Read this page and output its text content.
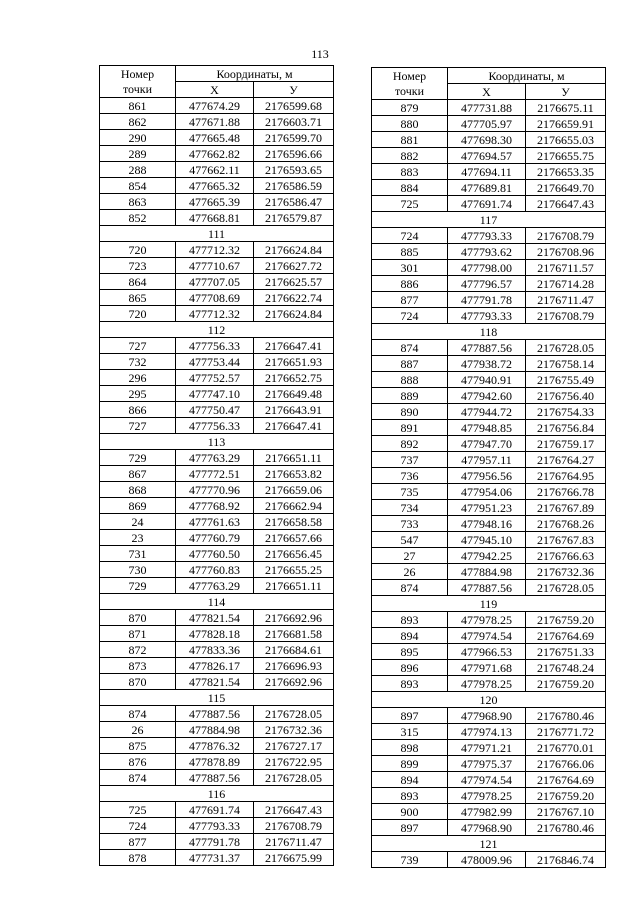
113
Номер
точки	Координаты, м	
	X	У
861	477674.29	2176599.68
862	477671.88	2176603.71
290	477665.48	2176599.70
289	477662.82	2176596.66
288	477662.11	2176593.65
854	477665.32	2176586.59
863	477665.39	2176586.47
852	477668.81	2176579.87
111		
720	477712.32	2176624.84
723	477710.67	2176627.72
864	477707.05	2176625.57
865	477708.69	2176622.74
720	477712.32	2176624.84
112		
727	477756.33	2176647.41
732	477753.44	2176651.93
296	477752.57	2176652.75
295	477747.10	2176649.48
866	477750.47	2176643.91
727	477756.33	2176647.41
113		
729	477763.29	2176651.11
867	477772.51	2176653.82
868	477770.96	2176659.06
869	477768.92	2176662.94
24	477761.63	2176658.58
23	477760.79	2176657.66
731	477760.50	2176656.45
730	477760.83	2176655.25
729	477763.29	2176651.11
114		
870	477821.54	2176692.96
871	477828.18	2176681.58
872	477833.36	2176684.61
873	477826.17	2176696.93
870	477821.54	2176692.96
115		
874	477887.56	2176728.05
26	477884.98	2176732.36
875	477876.32	2176727.17
876	477878.89	2176722.95
874	477887.56	2176728.05
116		
725	477691.74	2176647.43
724	477793.33	2176708.79
877	477791.78	2176711.47
878	477731.37	2176675.99
Номер
точки	Координаты, м	
	X	У
879	477731.88	2176675.11
880	477705.97	2176659.91
881	477698.30	2176655.03
882	477694.57	2176655.75
883	477694.11	2176653.35
884	477689.81	2176649.70
725	477691.74	2176647.43
117		
724	477793.33	2176708.79
885	477793.62	2176708.96
301	477798.00	2176711.57
886	477796.57	2176714.28
877	477791.78	2176711.47
724	477793.33	2176708.79
118		
874	477887.56	2176728.05
887	477938.72	2176758.14
888	477940.91	2176755.49
889	477942.60	2176756.40
890	477944.72	2176754.33
891	477948.85	2176756.84
892	477947.70	2176759.17
737	477957.11	2176764.27
736	477956.56	2176764.95
735	477954.06	2176766.78
734	477951.23	2176767.89
733	477948.16	2176768.26
547	477945.10	2176767.83
27	477942.25	2176766.63
26	477884.98	2176732.36
874	477887.56	2176728.05
119		
893	477978.25	2176759.20
894	477974.54	2176764.69
895	477966.53	2176751.33
896	477971.68	2176748.24
893	477978.25	2176759.20
120		
897	477968.90	2176780.46
315	477974.13	2176771.72
898	477971.21	2176770.01
899	477975.37	2176766.06
894	477974.54	2176764.69
893	477978.25	2176759.20
900	477982.99	2176767.10
897	477968.90	2176780.46
121		
739	478009.96	2176846.74
